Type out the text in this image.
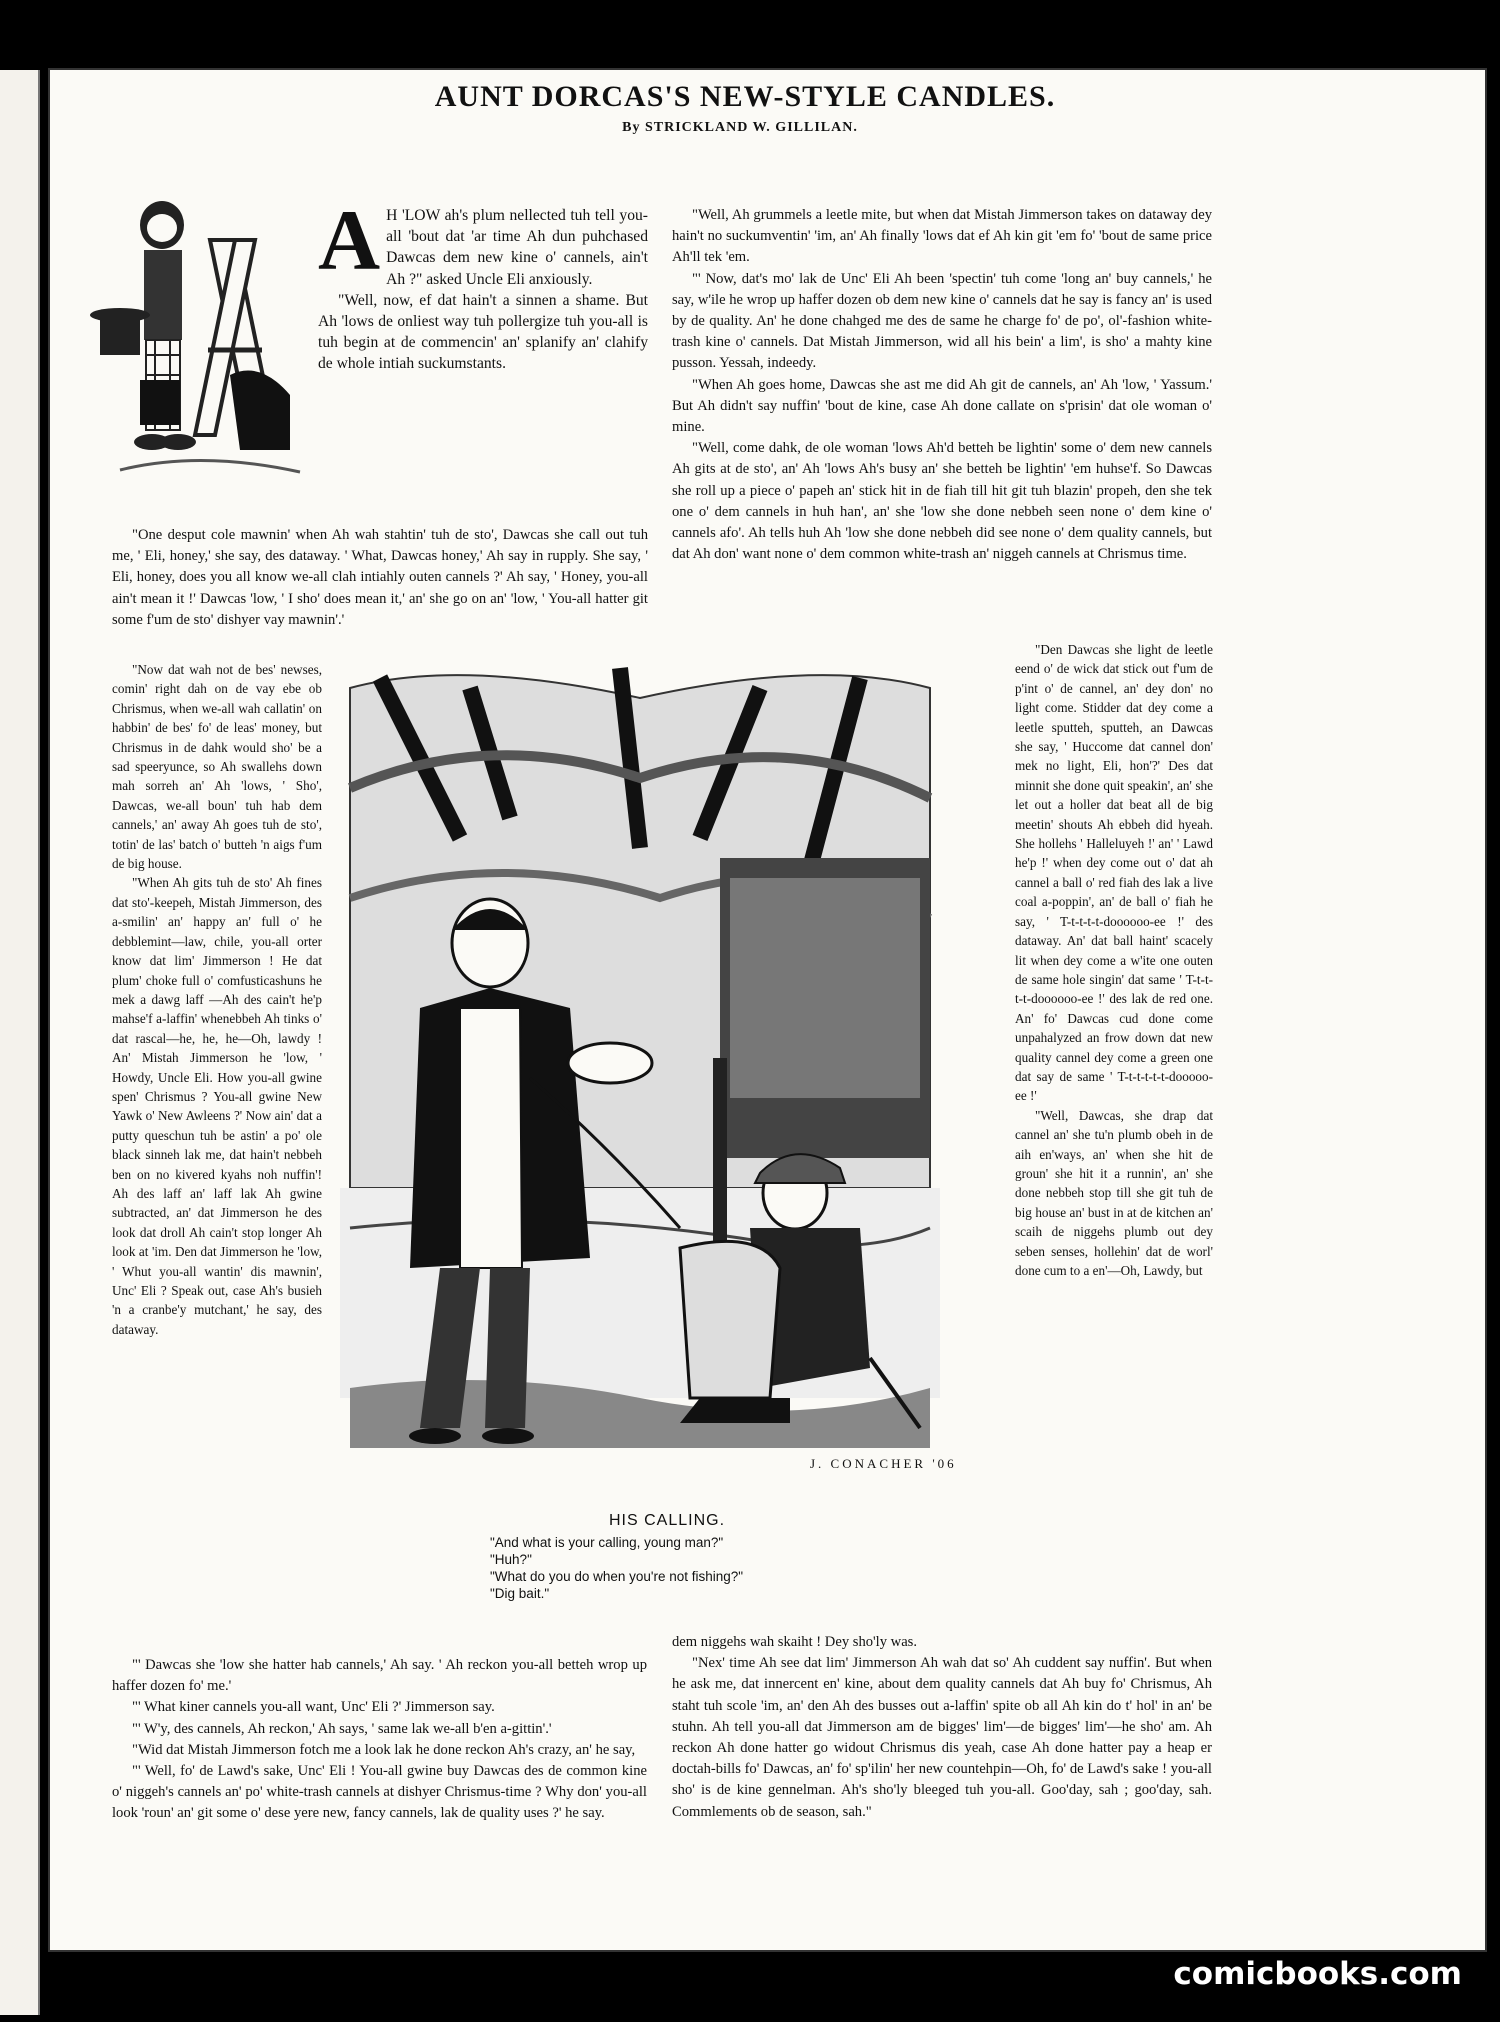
AUNT DORCAS'S NEW-STYLE CANDLES.
By STRICKLAND W. GILLILAN.

A H 'LOW ah's plum nellected tuh tell you-all 'bout dat 'ar time Ah dun puhchased Dawcas dem new kine o' cannels, ain't Ah ?" asked Uncle Eli anxiously.

"Well, now, ef dat hain't a sinnen a shame. But Ah 'lows de onliest way tuh pollergize tuh you-all is tuh begin at de commencin' an' splanify an' clahify de whole intiah suckumstants.

"One desput cole mawnin' when Ah wah stahtin' tuh de sto', Dawcas she call out tuh me, ' Eli, honey,' she say, des dataway. ' What, Dawcas honey,' Ah say in rupply. She say, ' Eli, honey, does you all know we-all clah intiahly outen cannels ?' Ah say, ' Honey, you-all ain't mean it !' Dawcas 'low, ' I sho' does mean it,' an' she go on an' 'low, ' You-all hatter git some f'um de sto' dishyer vay mawnin'.'

"Now dat wah not de bes' newses, comin' right dah on de vay ebe ob Chrismus, when we-all wah callatin' on habbin' de bes' fo' de leas' money, but Chrismus in de dahk would sho' be a sad speeryunce, so Ah swallehs down mah sorreh an' Ah 'lows, ' Sho', Dawcas, we-all boun' tuh hab dem cannels,' an' away Ah goes tuh de sto', totin' de las' batch o' butteh 'n aigs f'um de big house.

"When Ah gits tuh de sto' Ah fines dat sto'-keepeh, Mistah Jimmerson, des a-smilin' an' happy an' full o' he debblemint—law, chile, you-all orter know dat lim' Jimmerson ! He dat plum' choke full o' comfusticashuns he mek a dawg laff —Ah des cain't he'p mahse'f a-laffin' whenebbeh Ah tinks o' dat rascal—he, he, he—Oh, lawdy ! An' Mistah Jimmerson he 'low, ' Howdy, Uncle Eli. How you-all gwine spen' Chrismus ? You-all gwine New Yawk o' New Awleens ?' Now ain' dat a putty queschun tuh be astin' a po' ole black sinneh lak me, dat hain't nebbeh ben on no kivered kyahs noh nuffin'! Ah des laff an' laff lak Ah gwine subtracted, an' dat Jimmerson he des look dat droll Ah cain't stop longer Ah look at 'im. Den dat Jimmerson he 'low, ' Whut you-all wantin' dis mawnin', Unc' Eli ? Speak out, case Ah's busieh 'n a cranbe'y mutchant,' he say, des dataway.

"' Dawcas she 'low she hatter hab cannels,' Ah say. ' Ah reckon you-all betteh wrop up haffer dozen fo' me.'

"' What kiner cannels you-all want, Unc' Eli ?' Jimmerson say.

"' W'y, des cannels, Ah reckon,' Ah says, ' same lak we-all b'en a-gittin'.'

"Wid dat Mistah Jimmerson fotch me a look lak he done reckon Ah's crazy, an' he say,

"' Well, fo' de Lawd's sake, Unc' Eli ! You-all gwine buy Dawcas des de common kine o' niggeh's cannels an' po' white-trash cannels at dishyer Chrismus-time ? Why don' you-all look 'roun' an' git some o' dese yere new, fancy cannels, lak de quality uses ?' he say.

"Well, Ah grummels a leetle mite, but when dat Mistah Jimmerson takes on dataway dey hain't no suckumventin' 'im, an' Ah finally 'lows dat ef Ah kin git 'em fo' 'bout de same price Ah'll tek 'em.

"' Now, dat's mo' lak de Unc' Eli Ah been 'spectin' tuh come 'long an' buy cannels,' he say, w'ile he wrop up haffer dozen ob dem new kine o' cannels dat he say is fancy an' is used by de quality. An' he done chahged me des de same he charge fo' de po', ol'-fashion white-trash kine o' cannels. Dat Mistah Jimmerson, wid all his bein' a lim', is sho' a mahty kine pusson. Yessah, indeedy.

"When Ah goes home, Dawcas she ast me did Ah git de cannels, an' Ah 'low, ' Yassum.' But Ah didn't say nuffin' 'bout de kine, case Ah done callate on s'prisin' dat ole woman o' mine.

"Well, come dahk, de ole woman 'lows Ah'd betteh be lightin' some o' dem new cannels Ah gits at de sto', an' Ah 'lows Ah's busy an' she betteh be lightin' 'em huhse'f. So Dawcas she roll up a piece o' papeh an' stick hit in de fiah till hit git tuh blazin' propeh, den she tek one o' dem cannels in huh han', an' she 'low she done nebbeh seen none o' dem kine o' cannels afo'. Ah tells huh Ah 'low she done nebbeh did see none o' dem quality cannels, but dat Ah don' want none o' dem common white-trash an' niggeh cannels at Chrismus time.

"Den Dawcas she light de leetle eend o' de wick dat stick out f'um de p'int o' de cannel, an' dey don' no light come. Stidder dat dey come a leetle sputteh, sputteh, an Dawcas she say, ' Huccome dat cannel don' mek no light, Eli, hon'?' Des dat minnit she done quit speakin', an' she let out a holler dat beat all de big meetin' shouts Ah ebbeh did hyeah. She hollehs ' Halleluyeh !' an' ' Lawd he'p !' when dey come out o' dat ah cannel a ball o' red fiah des lak a live coal a-poppin', an' de ball o' fiah he say, ' T-t-t-t-t-doooooo-ee !' des dataway. An' dat ball haint' scacely lit when dey come a w'ite one outen de same hole singin' dat same ' T-t-t-t-t-doooooo-ee !' des lak de red one. An' fo' Dawcas cud done come unpahalyzed an frow down dat new quality cannel dey come a green one dat say de same ' T-t-t-t-t-t-dooooo-ee !'

"Well, Dawcas, she drap dat cannel an' she tu'n plumb obeh in de aih en'ways, an' when she hit de groun' she hit it a runnin', an' she done nebbeh stop till she git tuh de big house an' bust in at de kitchen an' scaih de niggehs plumb out dey seben senses, hollehin' dat de worl' done cum to a en'—Oh, Lawdy, but

dem niggehs wah skaiht ! Dey sho'ly was.

"Nex' time Ah see dat lim' Jimmerson Ah wah dat so' Ah cuddent say nuffin'. But when he ask me, dat innercent en' kine, about dem quality cannels dat Ah buy fo' Chrismus, Ah staht tuh scole 'im, an' den Ah des busses out a-laffin' spite ob all Ah kin do t' hol' in an' be stuhn. Ah tell you-all dat Jimmerson am de bigges' lim'—de bigges' lim'—he sho' am. Ah reckon Ah done hatter go widout Chrismus dis yeah, case Ah done hatter pay a heap er doctah-bills fo' Dawcas, an' fo' sp'ilin' her new countehpin—Oh, fo' de Lawd's sake ! you-all sho' is de kine gennelman. Ah's sho'ly bleeged tuh you-all. Goo'day, sah ; goo'day, sah. Commlements ob de season, sah."

J. CONACHER '06
HIS CALLING.
"And what is your calling, young man?"
"Huh?"
"What do you do when you're not fishing?"
"Dig bait."
comicbooks.com
